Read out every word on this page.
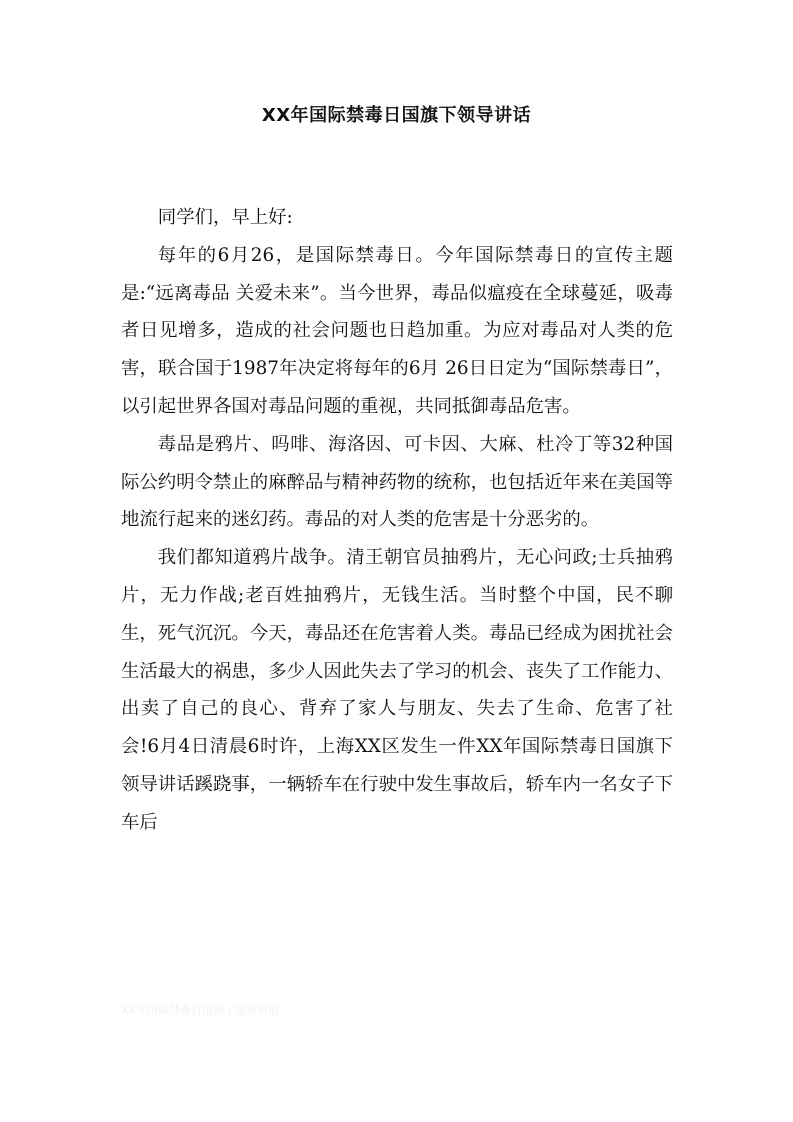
XX年国际禁毒日国旗下领导讲话

同学们，早上好:

每年的6月26，是国际禁毒日。今年国际禁毒日的宣传主题是:“远离毒品 关爱未来”。当今世界，毒品似瘟疫在全球蔓延，吸毒者日见增多，造成的社会问题也日趋加重。为应对毒品对人类的危害，联合国于1987年决定将每年的6月 26日日定为“国际禁毒日”，以引起世界各国对毒品问题的重视，共同抵御毒品危害。

毒品是鸦片、吗啡、海洛因、可卡因、大麻、杜冷丁等32种国际公约明令禁止的麻醉品与精神药物的统称，也包括近年来在美国等地流行起来的迷幻药。毒品的对人类的危害是十分恶劣的。

我们都知道鸦片战争。清王朝官员抽鸦片，无心问政;士兵抽鸦片，无力作战;老百姓抽鸦片，无钱生活。当时整个中国，民不聊生，死气沉沉。今天，毒品还在危害着人类。毒品已经成为困扰社会生活最大的祸患，多少人因此失去了学习的机会、丧失了工作能力、出卖了自己的良心、背弃了家人与朋友、失去了生命、危害了社会!6月4日清晨6时许，上海XX区发生一件XX年国际禁毒日国旗下领导讲话蹊跷事，一辆轿车在行驶中发生事故后，轿车内一名女子下车后

XX年国际禁毒日国旗下领导讲话
